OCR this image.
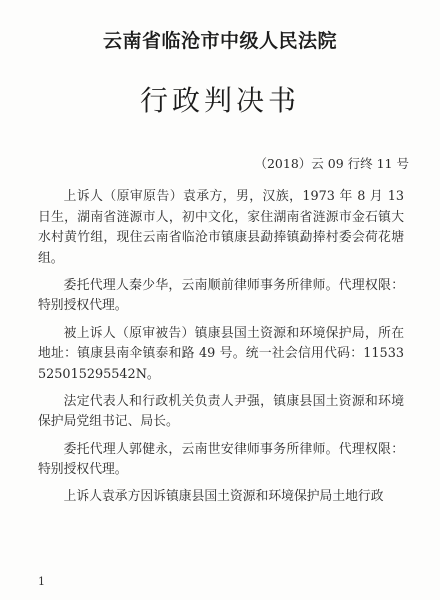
云南省临沧市中级人民法院
行政判决书
（2018）云 09 行终 11 号

上诉人（原审原告）袁承方，男，汉族，1973 年 8 月 13 日生，湖南省涟源市人，初中文化，家住湖南省涟源市金石镇大水村黄竹组，现住云南省临沧市镇康县勐捧镇勐捧村委会荷花塘组。

委托代理人秦少华，云南顺前律师事务所律师。代理权限：特别授权代理。

被上诉人（原审被告）镇康县国土资源和环境保护局，所在地址：镇康县南伞镇泰和路 49 号。统一社会信用代码：11533525015295542N。

法定代表人和行政机关负责人尹强，镇康县国土资源和环境保护局党组书记、局长。

委托代理人郭健永，云南世安律师事务所律师。代理权限：特别授权代理。

上诉人袁承方因诉镇康县国土资源和环境保护局土地行政

1
